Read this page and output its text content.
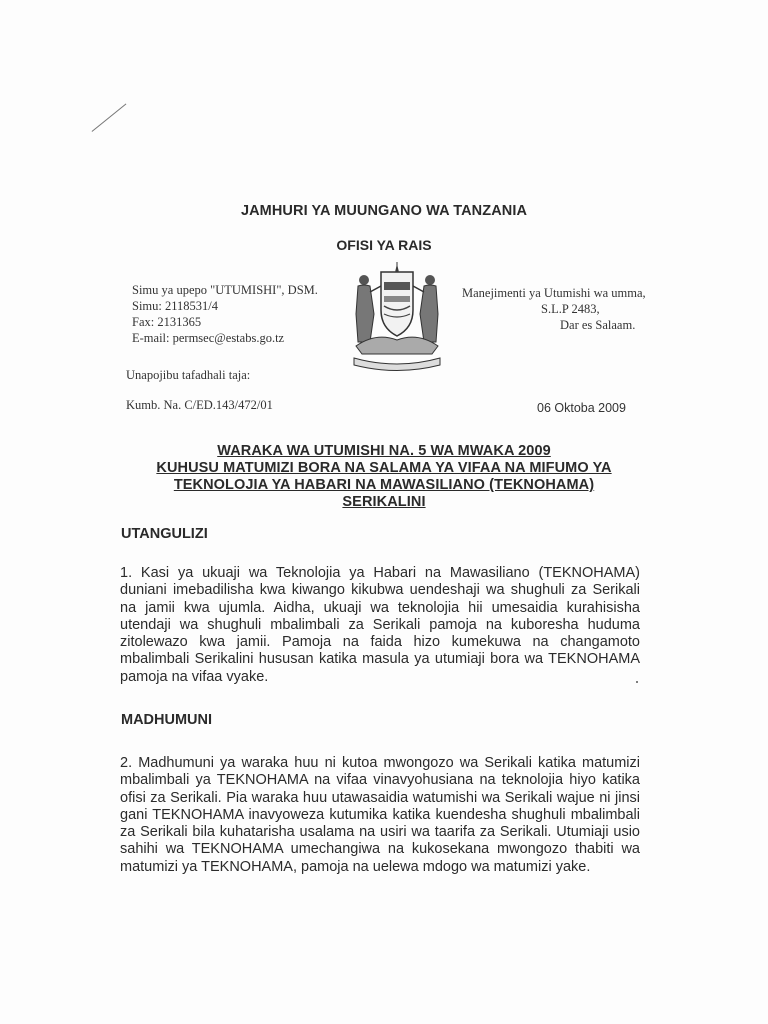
JAMHURI YA MUUNGANO WA TANZANIA
OFISI YA RAIS
Simu ya upepo "UTUMISHI", DSM.
Simu: 2118531/4
Fax: 2131365
E-mail: permsec@estabs.go.tz
Manejimenti ya Utumishi wa umma,
S.L.P 2483,
Dar es Salaam.
Unapojibu tafadhali taja:
Kumb. Na. C/ED.143/472/01	06 Oktoba 2009
WARAKA WA UTUMISHI NA. 5 WA MWAKA 2009
KUHUSU MATUMIZI BORA NA SALAMA YA VIFAA NA MIFUMO YA
TEKNOLOJIA YA HABARI NA MAWASILIANO (TEKNOHAMA)
SERIKALINI
UTANGULIZI
1. Kasi ya ukuaji wa Teknolojia ya Habari na Mawasiliano (TEKNOHAMA) duniani imebadilisha kwa kiwango kikubwa uendeshaji wa shughuli za Serikali na jamii kwa ujumla. Aidha, ukuaji wa teknolojia hii umesaidia kurahisisha utendaji wa shughuli mbalimbali za Serikali pamoja na kuboresha huduma zitolewazo kwa jamii. Pamoja na faida hizo kumekuwa na changamoto mbalimbali Serikalini hususan katika masula ya utumiaji bora wa TEKNOHAMA pamoja na vifaa vyake.
MADHUMUNI
2. Madhumuni ya waraka huu ni kutoa mwongozo wa Serikali katika matumizi mbalimbali ya TEKNOHAMA na vifaa vinavyohusiana na teknolojia hiyo katika ofisi za Serikali. Pia waraka huu utawasaidia watumishi wa Serikali wajue ni jinsi gani TEKNOHAMA inavyoweza kutumika katika kuendesha shughuli mbalimbali za Serikali bila kuhatarisha usalama na usiri wa taarifa za Serikali. Utumiaji usio sahihi wa TEKNOHAMA umechangiwa na kukosekana mwongozo thabiti wa matumizi ya TEKNOHAMA, pamoja na uelewa mdogo wa matumizi yake.
